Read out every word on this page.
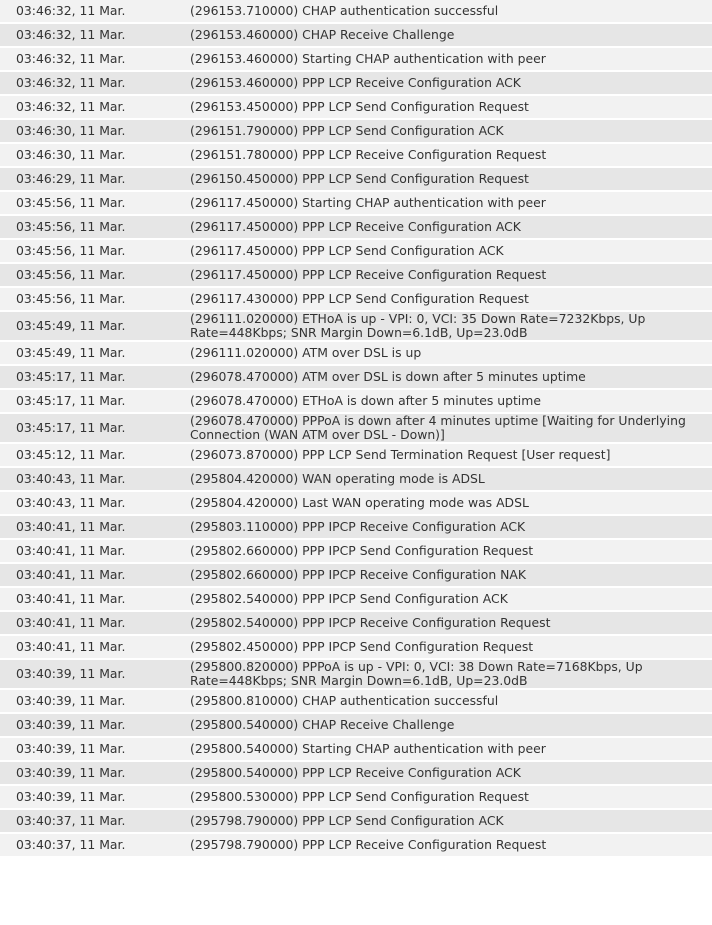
03:46:32, 11 Mar.	(296153.710000) CHAP authentication successful
03:46:32, 11 Mar.	(296153.460000) CHAP Receive Challenge
03:46:32, 11 Mar.	(296153.460000) Starting CHAP authentication with peer
03:46:32, 11 Mar.	(296153.460000) PPP LCP Receive Configuration ACK
03:46:32, 11 Mar.	(296153.450000) PPP LCP Send Configuration Request
03:46:30, 11 Mar.	(296151.790000) PPP LCP Send Configuration ACK
03:46:30, 11 Mar.	(296151.780000) PPP LCP Receive Configuration Request
03:46:29, 11 Mar.	(296150.450000) PPP LCP Send Configuration Request
03:45:56, 11 Mar.	(296117.450000) Starting CHAP authentication with peer
03:45:56, 11 Mar.	(296117.450000) PPP LCP Receive Configuration ACK
03:45:56, 11 Mar.	(296117.450000) PPP LCP Send Configuration ACK
03:45:56, 11 Mar.	(296117.450000) PPP LCP Receive Configuration Request
03:45:56, 11 Mar.	(296117.430000) PPP LCP Send Configuration Request
03:45:49, 11 Mar.	(296111.020000) ETHoA is up - VPI: 0, VCI: 35 Down Rate=7232Kbps, Up Rate=448Kbps; SNR Margin Down=6.1dB, Up=23.0dB
03:45:49, 11 Mar.	(296111.020000) ATM over DSL is up
03:45:17, 11 Mar.	(296078.470000) ATM over DSL is down after 5 minutes uptime
03:45:17, 11 Mar.	(296078.470000) ETHoA is down after 5 minutes uptime
03:45:17, 11 Mar.	(296078.470000) PPPoA is down after 4 minutes uptime [Waiting for Underlying Connection (WAN ATM over DSL - Down)]
03:45:12, 11 Mar.	(296073.870000) PPP LCP Send Termination Request [User request]
03:40:43, 11 Mar.	(295804.420000) WAN operating mode is ADSL
03:40:43, 11 Mar.	(295804.420000) Last WAN operating mode was ADSL
03:40:41, 11 Mar.	(295803.110000) PPP IPCP Receive Configuration ACK
03:40:41, 11 Mar.	(295802.660000) PPP IPCP Send Configuration Request
03:40:41, 11 Mar.	(295802.660000) PPP IPCP Receive Configuration NAK
03:40:41, 11 Mar.	(295802.540000) PPP IPCP Send Configuration ACK
03:40:41, 11 Mar.	(295802.540000) PPP IPCP Receive Configuration Request
03:40:41, 11 Mar.	(295802.450000) PPP IPCP Send Configuration Request
03:40:39, 11 Mar.	(295800.820000) PPPoA is up - VPI: 0, VCI: 38 Down Rate=7168Kbps, Up Rate=448Kbps; SNR Margin Down=6.1dB, Up=23.0dB
03:40:39, 11 Mar.	(295800.810000) CHAP authentication successful
03:40:39, 11 Mar.	(295800.540000) CHAP Receive Challenge
03:40:39, 11 Mar.	(295800.540000) Starting CHAP authentication with peer
03:40:39, 11 Mar.	(295800.540000) PPP LCP Receive Configuration ACK
03:40:39, 11 Mar.	(295800.530000) PPP LCP Send Configuration Request
03:40:37, 11 Mar.	(295798.790000) PPP LCP Send Configuration ACK
03:40:37, 11 Mar.	(295798.790000) PPP LCP Receive Configuration Request
